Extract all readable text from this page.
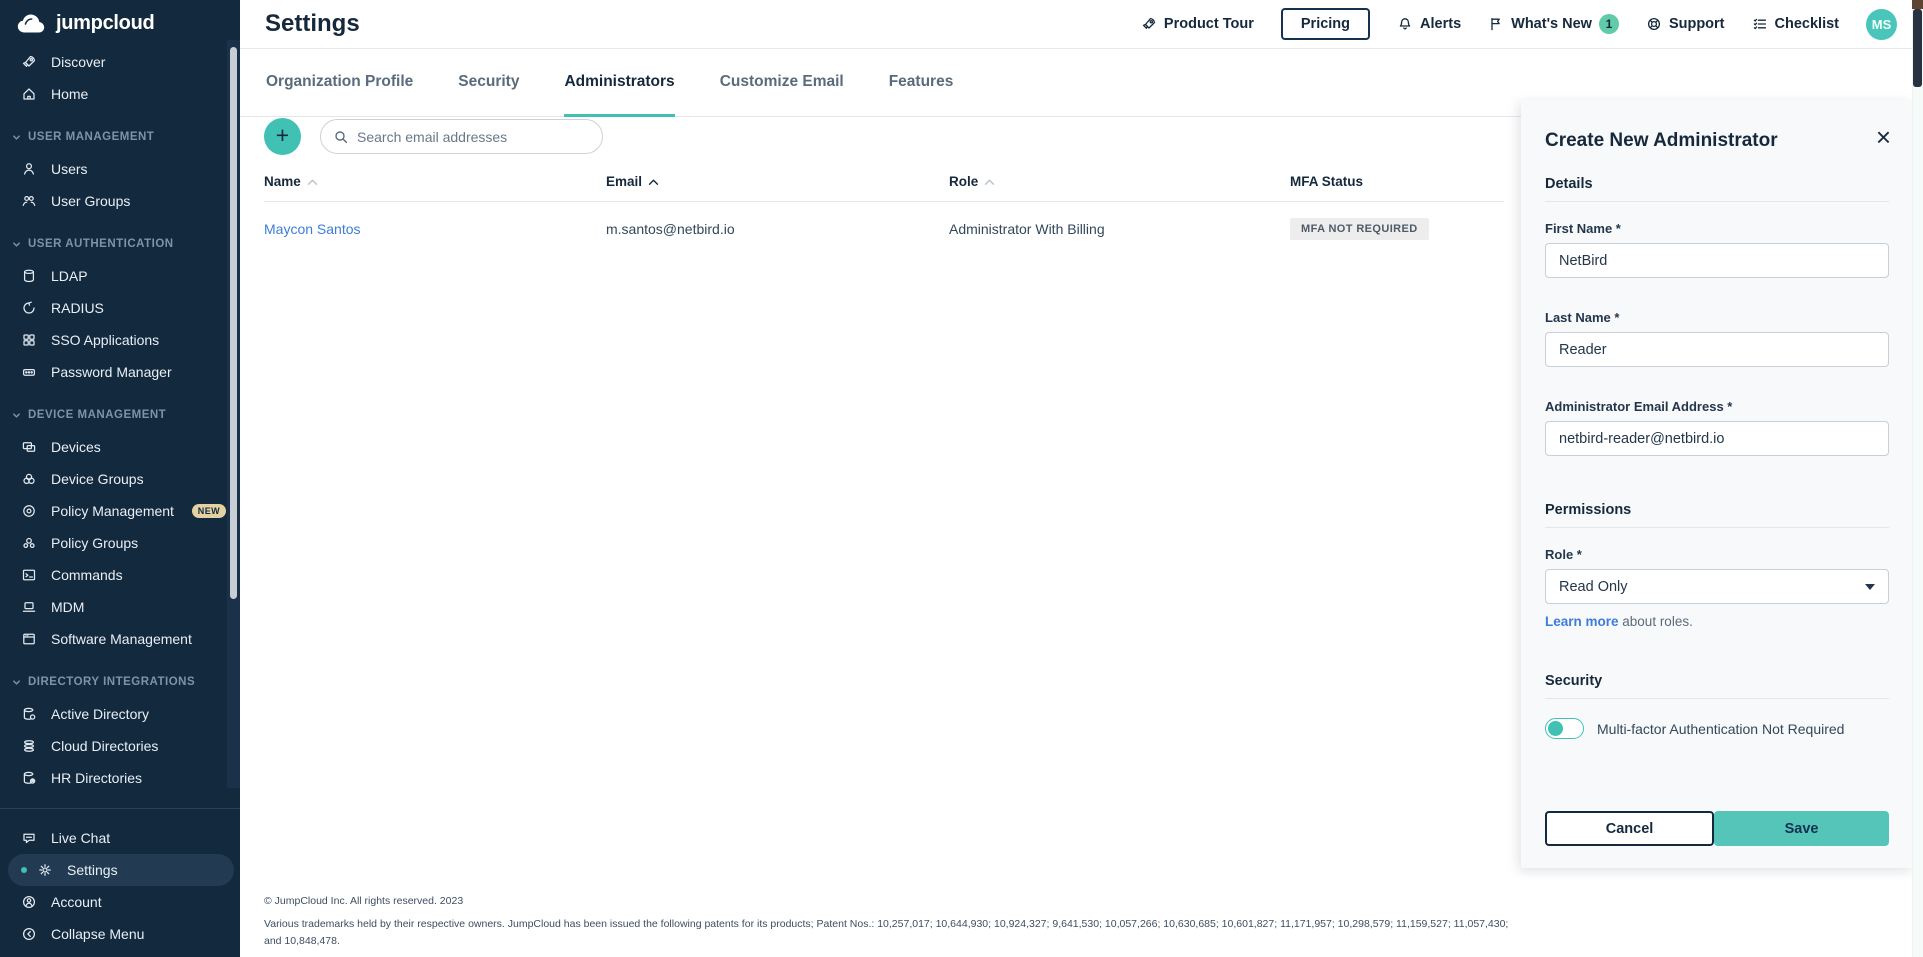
jumpcloud
Discover
Home
USER MANAGEMENT
Users
User Groups
USER AUTHENTICATION
LDAP
RADIUS
SSO Applications
Password Manager
DEVICE MANAGEMENT
Devices
Device Groups
Policy Management	NEW
Policy Groups
Commands
MDM
Software Management
DIRECTORY INTEGRATIONS
Active Directory
Cloud Directories
HR Directories
Live Chat
Settings
Account
Collapse Menu
Settings	Product Tour	Pricing	Alerts	What's New	1	Support	Checklist	MS
Organization Profile	Security	Administrators	Customize Email	Features
+
Search email addresses
Name	Email	Role	MFA Status
Maycon Santos	m.santos@netbird.io	Administrator With Billing	MFA NOT REQUIRED
© JumpCloud Inc. All rights reserved. 2023
Various trademarks held by their respective owners. JumpCloud has been issued the following patents for its products; Patent Nos.: 10,257,017; 10,644,930; 10,924,327; 9,641,530; 10,057,266; 10,630,685; 10,601,827; 11,171,957; 10,298,579; 11,159,527; 11,057,430; and 10,848,478.
Create New Administrator	×
Details
First Name *
NetBird
Last Name *
Reader
Administrator Email Address *
netbird-reader@netbird.io
Permissions
Role *
Read Only
Learn more about roles.
Security
Multi-factor Authentication Not Required
Cancel	Save
